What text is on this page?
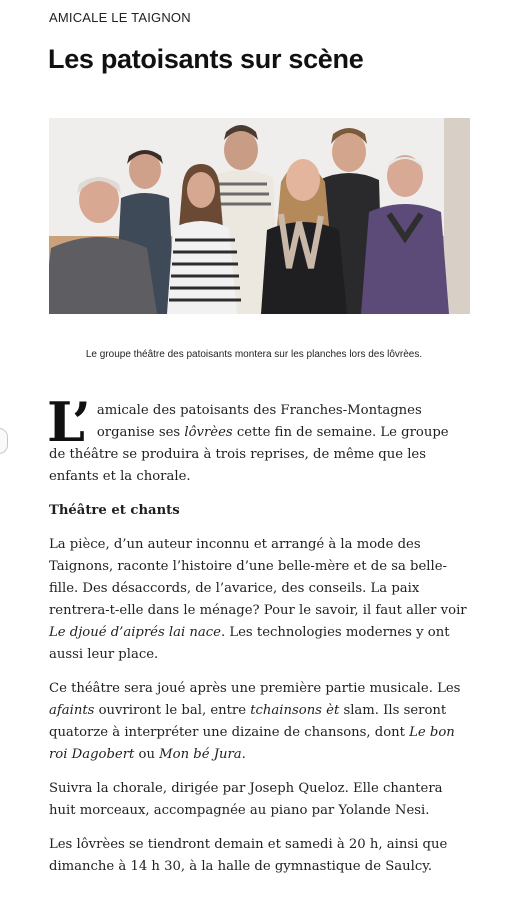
AMICALE LE TAIGNON
Les patoisants sur scène
Le groupe théâtre des patoisants montera sur les planches lors des lôvrèes.

L’ amicale des patoisants des Franches-Montagnes organise ses lôvrèes cette fin de semaine. Le groupe de théâtre se produira à trois reprises, de même que les enfants et la chorale.

Théâtre et chants

La pièce, d’un auteur inconnu et arrangé à la mode des Taignons, raconte l’histoire d’une belle-mère et de sa belle-fille. Des désaccords, de l’avarice, des conseils. La paix rentrera-t-elle dans le ménage? Pour le savoir, il faut aller voir Le djoué d’aiprés lai nace. Les technologies modernes y ont aussi leur place.

Ce théâtre sera joué après une première partie musicale. Les afaints ouvriront le bal, entre tchainsons èt slam. Ils seront quatorze à interpréter une dizaine de chansons, dont Le bon roi Dagobert ou Mon bé Jura.

Suivra la chorale, dirigée par Joseph Queloz. Elle chantera huit morceaux, accompagnée au piano par Yolande Nesi.

Les lôvrèes se tiendront demain et samedi à 20 h, ainsi que dimanche à 14 h 30, à la halle de gymnastique de Saulcy.
